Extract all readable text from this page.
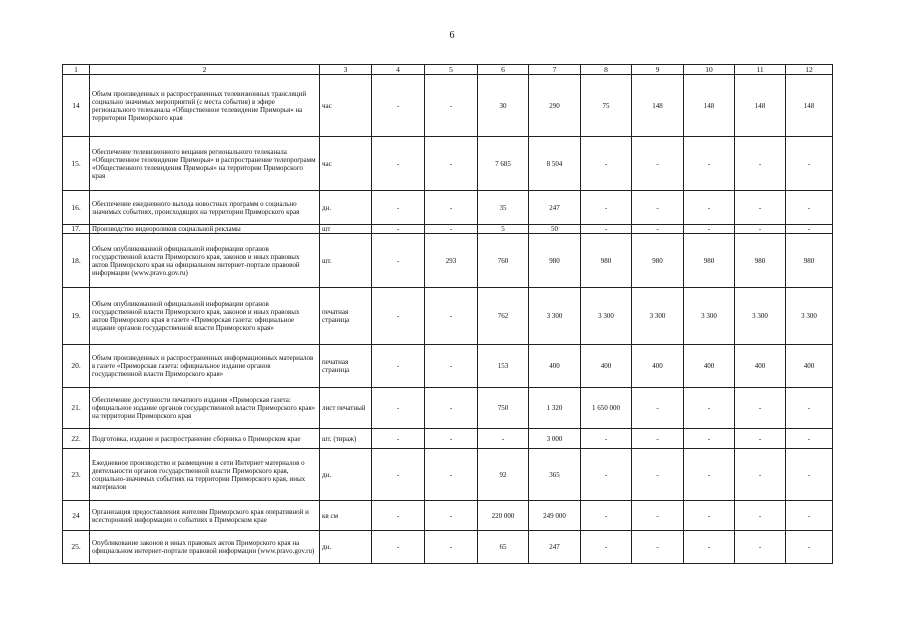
6
1	2	3	4	5	6	7	8	9	10	11	12
14	Объем произведенных и распространенных телевизионных трансляций социально значимых мероприятий (с места события) в эфире регионального телеканала «Общественное телевидение Приморья» на территории Приморского края	час	-	-	30	290	75	148	148	148	148
15.	Обеспечение телевизионного вещания регионального телеканала «Общественное телевидение Приморья» и распространение телепрограмм «Общественного телевидения Приморья» на территории Приморского края	час	-	-	7 685	8 504	-	-	-	-	-
16.	Обеспечение ежедневного выхода новостных программ о социально значимых событиях, происходящих на территории Приморского края	дн.	-	-	35	247	-	-	-	-	-
17.	Производство видеороликов социальной рекламы	шт	-	-	5	50	-	-	-	-	-
18.	Объем опубликованной официальной информации органов государственной власти Приморского края, законов и иных правовых актов Приморского края на официальном интернет-портале правовой информации (www.pravo.gov.ru)	шт.	-	293	760	980	980	980	980	980	980
19.	Объем опубликованной официальной информации органов государственной власти Приморского края, законов и иных правовых актов Приморского края в газете «Приморская газета: официальное издание органов государственной власти Приморского края»	печатная страница	-	-	762	3 300	3 300	3 300	3 300	3 300	3 300
20.	Объем произведенных и распространенных информационных материалов в газете «Приморская газета: официальное издание органов государственной власти Приморского края»	печатная страница	-	-	153	400	400	400	400	400	400
21.	Обеспечение доступности печатного издания «Приморская газета: официальное издание органов государственной власти Приморского края» на территории Приморского края	лист печатный	-	-	750	1 320	1 650 000	-	-	-	-
22.	Подготовка, издание и распространение сборника о Приморском крае	шт. (тираж)	-	-	-	3 000	-	-	-	-	-
23.	Ежедневное производство и размещение в сети Интернет материалов о деятельности органов государственной власти Приморского края, социально-значимых событиях на территории Приморского края, иных материалов	дн.	-	-	92	365	-	-	-	-	-
24	Организация предоставления жителям Приморского края оперативной и всесторонней информации о событиях в Приморском крае	кв см	-	-	220 000	249 000	-	-	-	-	-
25.	Опубликование законов и иных правовых актов Приморского края на официальном интернет-портале правовой информации (www.pravo.gov.ru)	дн.	-	-	65	247	-	-	-	-	-
